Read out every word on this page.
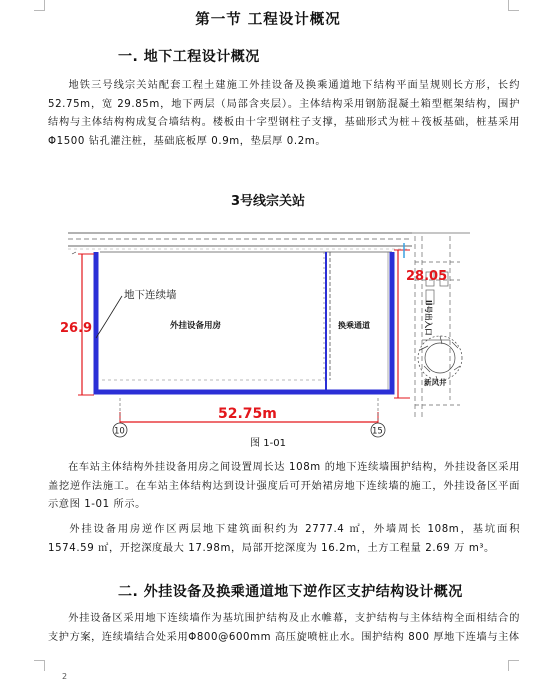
第一节 工程设计概况
一. 地下工程设计概况

地铁三号线宗关站配套工程土建施工外挂设备及换乘通道地下结构平面呈规则长方形，长约52.75m，宽 29.85m，地下两层（局部含夹层）。主体结构采用钢筋混凝土箱型框架结构，围护结构与主体结构构成复合墙结构。楼板由十字型钢柱子支撑，基础形式为桩＋筏板基础，桩基采用Φ1500 钻孔灌注桩，基础底板厚 0.9m，垫层厚 0.2m。

3号线宗关站
地下连续墙
外挂设备用房	换乘通道
26.9
28.05
52.75m
10	15
II号出入口
新风井
图 1-01

在车站主体结构外挂设备用房之间设置周长达 108m 的地下连续墙围护结构，外挂设备区采用盖挖逆作法施工。在车站主体结构达到设计强度后可开始裙房地下连续墙的施工，外挂设备区平面示意图 1-01 所示。

外挂设备用房逆作区两层地下建筑面积约为 2777.4 ㎡，外墙周长 108m，基坑面积 1574.59 ㎡，开挖深度最大 17.98m，局部开挖深度为 16.2m，土方工程量 2.69 万 m³。

二. 外挂设备及换乘通道地下逆作区支护结构设计概况

外挂设备区采用地下连续墙作为基坑围护结构及止水帷幕，支护结构与主体结构全面相结合的支护方案，连续墙结合处采用Φ800@600mm 高压旋喷桩止水。围护结构 800 厚地下连墙与主体

2
